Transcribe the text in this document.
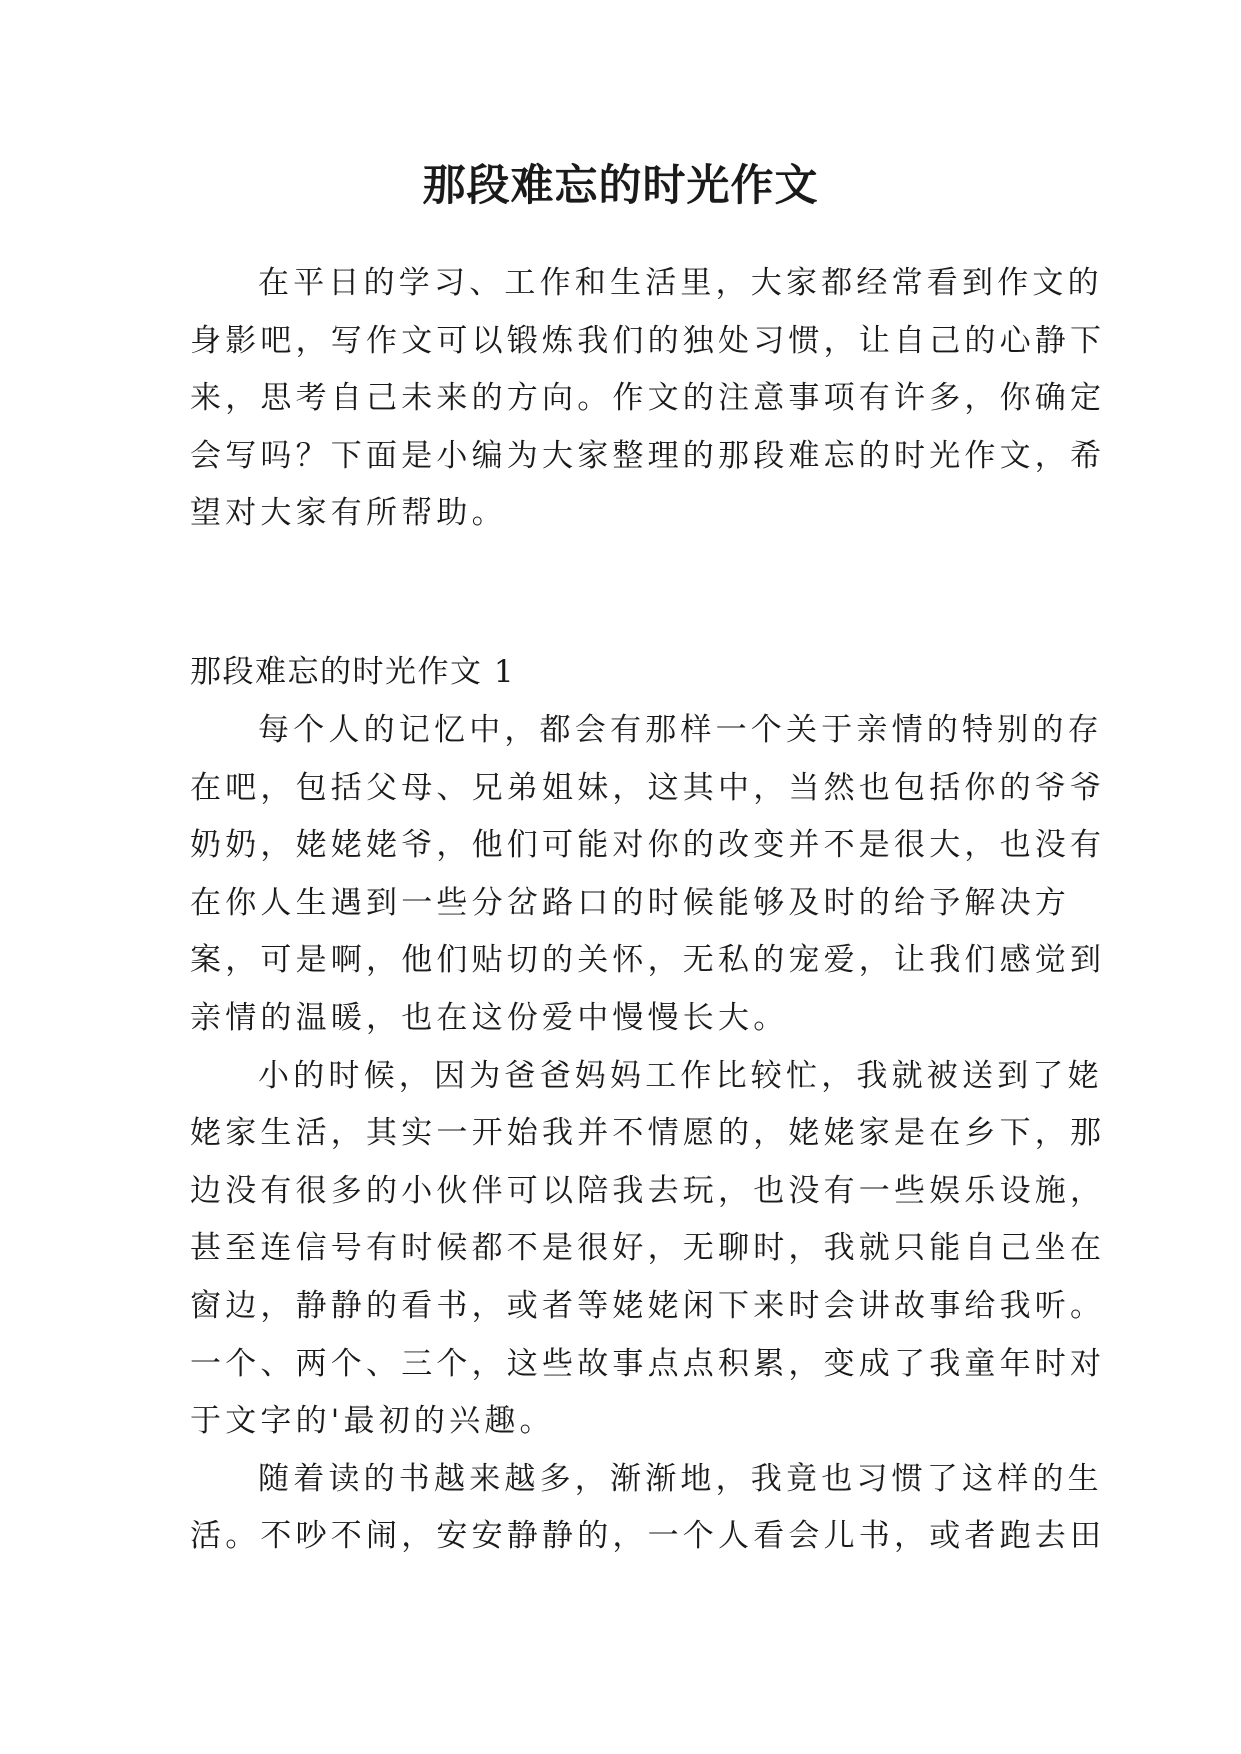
那段难忘的时光作文
在平日的学习、工作和生活里，大家都经常看到作文的
身影吧，写作文可以锻炼我们的独处习惯，让自己的心静下
来，思考自己未来的方向。作文的注意事项有许多，你确定
会写吗？下面是小编为大家整理的那段难忘的时光作文，希
望对大家有所帮助。
那段难忘的时光作文 1
每个人的记忆中，都会有那样一个关于亲情的特别的存
在吧，包括父母、兄弟姐妹，这其中，当然也包括你的爷爷
奶奶，姥姥姥爷，他们可能对你的改变并不是很大，也没有
在你人生遇到一些分岔路口的时候能够及时的给予解决方
案，可是啊，他们贴切的关怀，无私的宠爱，让我们感觉到
亲情的温暖，也在这份爱中慢慢长大。
小的时候，因为爸爸妈妈工作比较忙，我就被送到了姥
姥家生活，其实一开始我并不情愿的，姥姥家是在乡下，那
边没有很多的小伙伴可以陪我去玩，也没有一些娱乐设施，
甚至连信号有时候都不是很好，无聊时，我就只能自己坐在
窗边，静静的看书，或者等姥姥闲下来时会讲故事给我听。
一个、两个、三个，这些故事点点积累，变成了我童年时对
于文字的'最初的兴趣。
随着读的书越来越多，渐渐地，我竟也习惯了这样的生
活。不吵不闹，安安静静的，一个人看会儿书，或者跑去田
